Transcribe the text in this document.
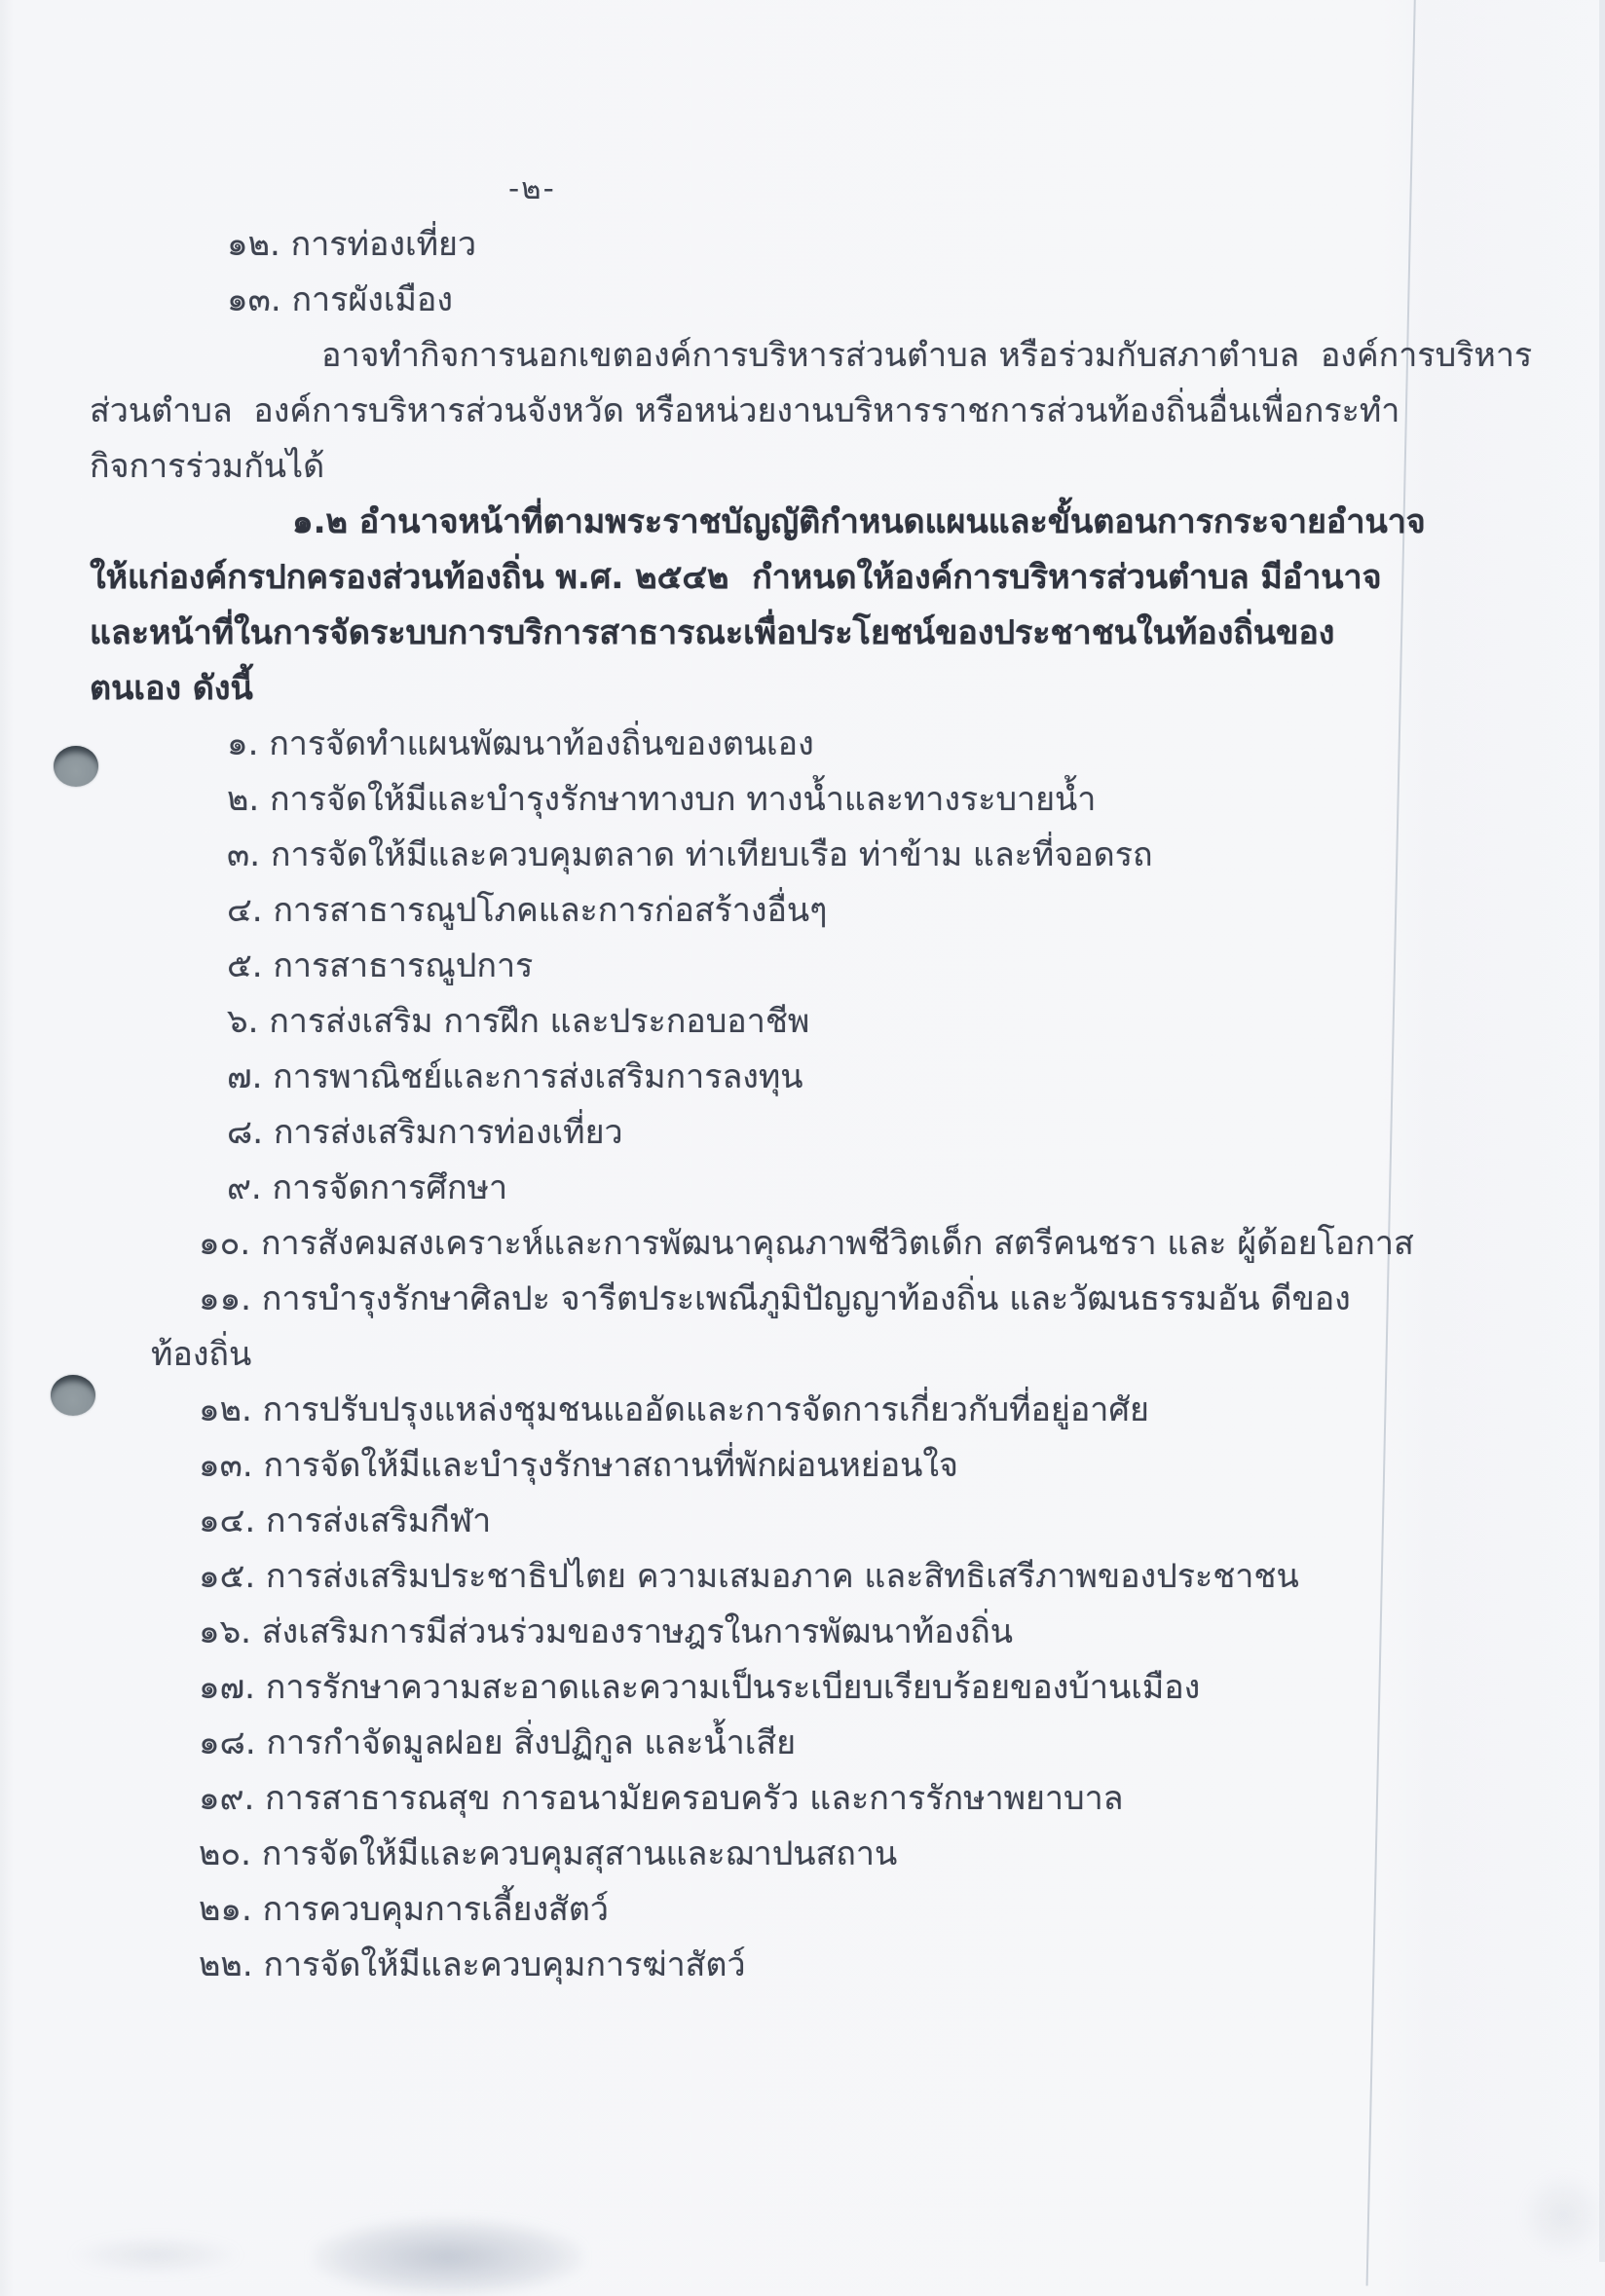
-๒-
๑๒. การท่องเที่ยว
๑๓. การผังเมือง
อาจทำกิจการนอกเขตองค์การบริหารส่วนตำบล หรือร่วมกับสภาตำบล  องค์การบริหาร
ส่วนตำบล  องค์การบริหารส่วนจังหวัด หรือหน่วยงานบริหารราชการส่วนท้องถิ่นอื่นเพื่อกระทำ
กิจการร่วมกันได้
๑.๒ อำนาจหน้าที่ตามพระราชบัญญัติกำหนดแผนและขั้นตอนการกระจายอำนาจ
ให้แก่องค์กรปกครองส่วนท้องถิ่น พ.ศ. ๒๕๔๒  กำหนดให้องค์การบริหารส่วนตำบล มีอำนาจ
และหน้าที่ในการจัดระบบการบริการสาธารณะเพื่อประโยชน์ของประชาชนในท้องถิ่นของ
ตนเอง ดังนี้
๑. การจัดทำแผนพัฒนาท้องถิ่นของตนเอง
๒. การจัดให้มีและบำรุงรักษาทางบก ทางน้ำและทางระบายน้ำ
๓. การจัดให้มีและควบคุมตลาด ท่าเทียบเรือ ท่าข้าม และที่จอดรถ
๔. การสาธารณูปโภคและการก่อสร้างอื่นๆ
๕. การสาธารณูปการ
๖. การส่งเสริม การฝึก และประกอบอาชีพ
๗. การพาณิชย์และการส่งเสริมการลงทุน
๘. การส่งเสริมการท่องเที่ยว
๙. การจัดการศึกษา
๑๐. การสังคมสงเคราะห์และการพัฒนาคุณภาพชีวิตเด็ก สตรีคนชรา และ ผู้ด้อยโอกาส
๑๑. การบำรุงรักษาศิลปะ จารีตประเพณีภูมิปัญญาท้องถิ่น และวัฒนธรรมอัน ดีของ
ท้องถิ่น
๑๒. การปรับปรุงแหล่งชุมชนแออัดและการจัดการเกี่ยวกับที่อยู่อาศัย
๑๓. การจัดให้มีและบำรุงรักษาสถานที่พักผ่อนหย่อนใจ
๑๔. การส่งเสริมกีฬา
๑๕. การส่งเสริมประชาธิปไตย ความเสมอภาค และสิทธิเสรีภาพของประชาชน
๑๖. ส่งเสริมการมีส่วนร่วมของราษฎรในการพัฒนาท้องถิ่น
๑๗. การรักษาความสะอาดและความเป็นระเบียบเรียบร้อยของบ้านเมือง
๑๘. การกำจัดมูลฝอย สิ่งปฏิกูล และน้ำเสีย
๑๙. การสาธารณสุข การอนามัยครอบครัว และการรักษาพยาบาล
๒๐. การจัดให้มีและควบคุมสุสานและฌาปนสถาน
๒๑. การควบคุมการเลี้ยงสัตว์
๒๒. การจัดให้มีและควบคุมการฆ่าสัตว์
